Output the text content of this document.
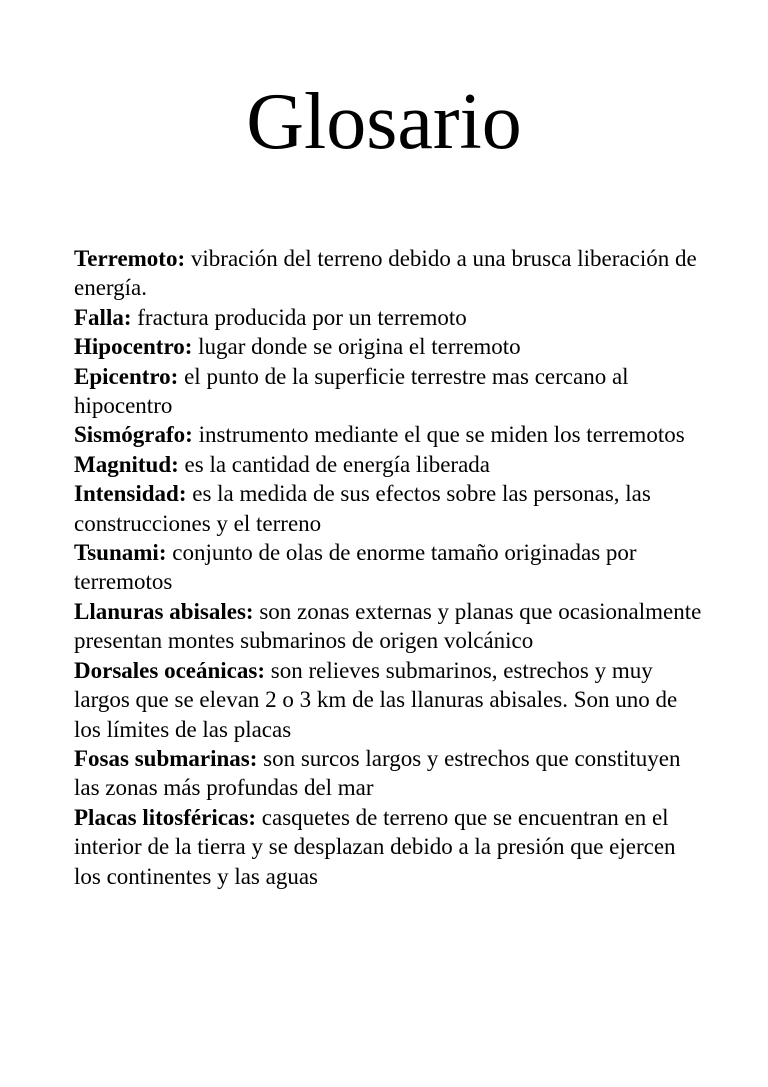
Glosario

Terremoto: vibración del terreno debido a una brusca liberación de energía.

Falla: fractura producida por un terremoto

Hipocentro: lugar donde se origina el terremoto

Epicentro: el punto de la superficie terrestre mas cercano al hipocentro

Sismógrafo: instrumento mediante el que se miden los terremotos

Magnitud: es la cantidad de energía liberada

Intensidad: es la medida de sus efectos sobre las personas, las construcciones y el terreno

Tsunami: conjunto de olas de enorme tamaño originadas por terremotos

Llanuras abisales: son zonas externas y planas que ocasionalmente presentan montes submarinos de origen volcánico

Dorsales oceánicas: son relieves submarinos, estrechos y muy largos que se elevan 2 o 3 km de las llanuras abisales. Son uno de los límites de las placas

Fosas submarinas: son surcos largos y estrechos que constituyen las zonas más profundas del mar

Placas litosféricas: casquetes de terreno que se encuentran en el interior de la tierra y se desplazan debido a la presión que ejercen los continentes y las aguas
